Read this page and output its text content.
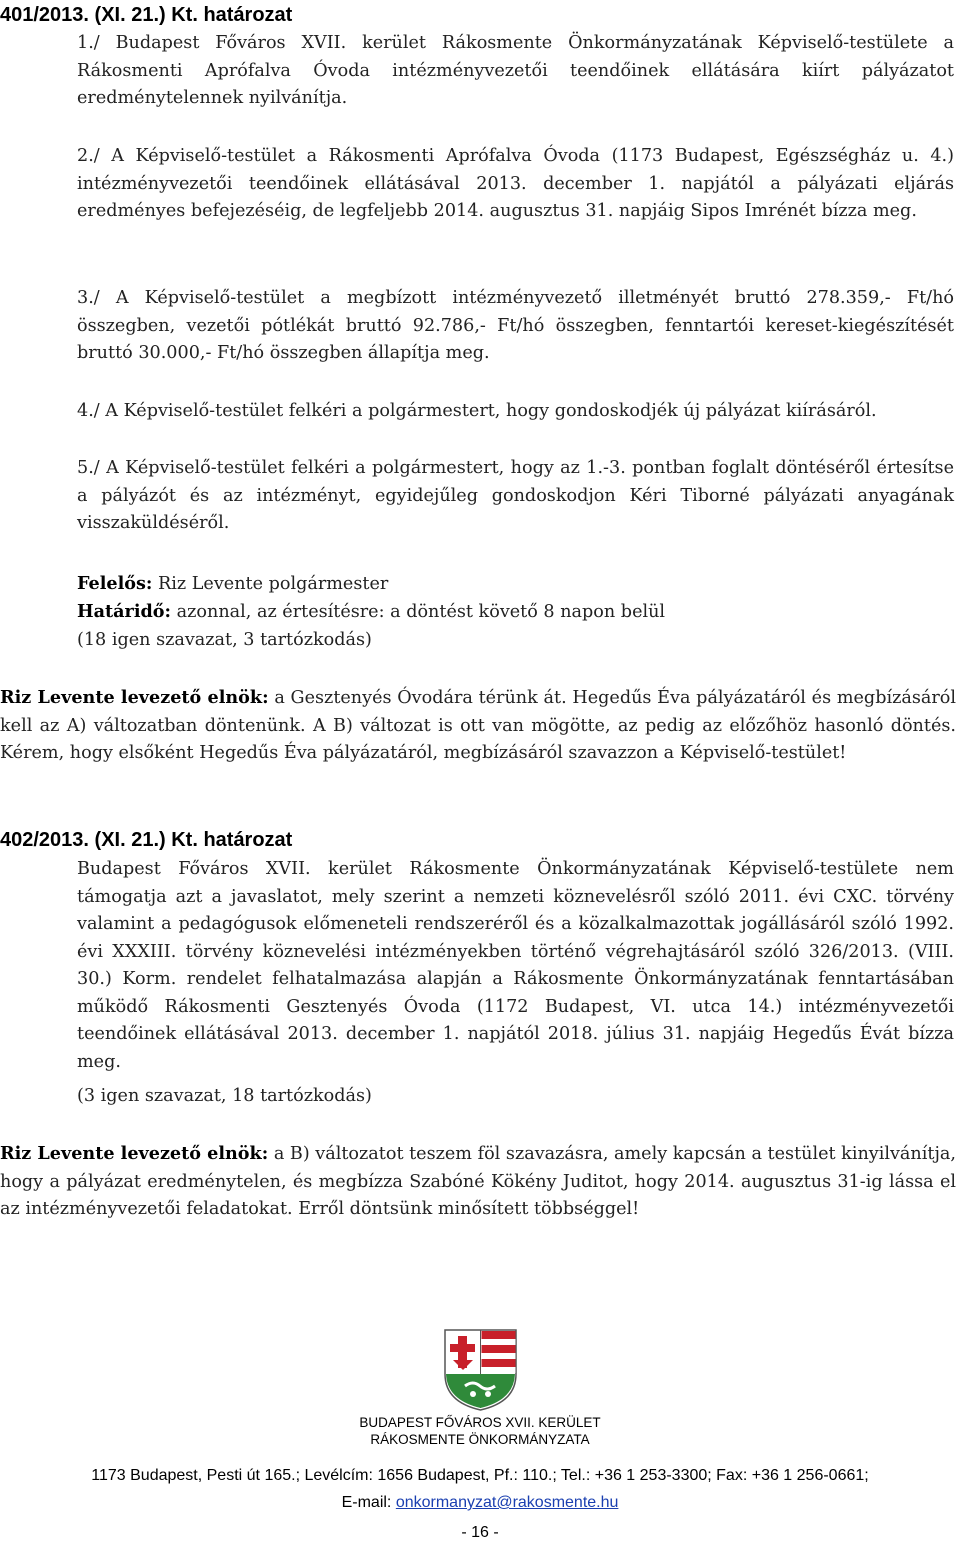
401/2013. (XI. 21.) Kt. határozat

1./ Budapest Főváros XVII. kerület Rákosmente Önkormányzatának Képviselő-testülete a Rákosmenti Aprófalva Óvoda intézményvezetői teendőinek ellátására kiírt pályázatot eredménytelennek nyilvánítja.

2./ A Képviselő-testület a Rákosmenti Aprófalva Óvoda (1173 Budapest, Egészségház u. 4.) intézményvezetői teendőinek ellátásával 2013. december 1. napjától a pályázati eljárás eredményes befejezéséig, de legfeljebb 2014. augusztus 31. napjáig Sipos Imrénét bízza meg.

3./ A Képviselő-testület a megbízott intézményvezető illetményét bruttó 278.359,- Ft/hó összegben, vezetői pótlékát bruttó 92.786,- Ft/hó összegben, fenntartói kereset-kiegészítését bruttó 30.000,- Ft/hó összegben állapítja meg.

4./ A Képviselő-testület felkéri a polgármestert, hogy gondoskodjék új pályázat kiírásáról.

5./ A Képviselő-testület felkéri a polgármestert, hogy az 1.-3. pontban foglalt döntéséről értesítse a pályázót és az intézményt, egyidejűleg gondoskodjon Kéri Tiborné pályázati anyagának visszaküldéséről.

Felelős: Riz Levente polgármester

Határidő: azonnal, az értesítésre: a döntést követő 8 napon belül

(18 igen szavazat, 3 tartózkodás)

Riz Levente levezető elnök: a Gesztenyés Óvodára térünk át. Hegedűs Éva pályázatáról és megbízásáról kell az A) változatban döntenünk. A B) változat is ott van mögötte, az pedig az előzőhöz hasonló döntés. Kérem, hogy elsőként Hegedűs Éva pályázatáról, megbízásáról szavazzon a Képviselő-testület!

402/2013. (XI. 21.) Kt. határozat

Budapest Főváros XVII. kerület Rákosmente Önkormányzatának Képviselő-testülete nem támogatja azt a javaslatot, mely szerint a nemzeti köznevelésről szóló 2011. évi CXC. törvény valamint a pedagógusok előmeneteli rendszeréről és a közalkalmazottak jogállásáról szóló 1992. évi XXXIII. törvény köznevelési intézményekben történő végrehajtásáról szóló 326/2013. (VIII. 30.) Korm. rendelet felhatalmazása alapján a Rákosmente Önkormányzatának fenntartásában működő Rákosmenti Gesztenyés Óvoda (1172 Budapest, VI. utca 14.) intézményvezetői teendőinek ellátásával 2013. december 1. napjától 2018. július 31. napjáig Hegedűs Évát bízza meg.

(3 igen szavazat, 18 tartózkodás)

Riz Levente levezető elnök: a B) változatot teszem föl szavazásra, amely kapcsán a testület kinyilvánítja, hogy a pályázat eredménytelen, és megbízza Szabóné Kökény Juditot, hogy 2014. augusztus 31-ig lássa el az intézményvezetői feladatokat. Erről döntsünk minősített többséggel!

BUDAPEST FŐVÁROS XVII. KERÜLET

RÁKOSMENTE ÖNKORMÁNYZATA

1173 Budapest, Pesti út 165.; Levélcím: 1656 Budapest, Pf.: 110.; Tel.: +36 1 253-3300; Fax: +36 1 256-0661;

E-mail: onkormanyzat@rakosmente.hu

- 16 -
